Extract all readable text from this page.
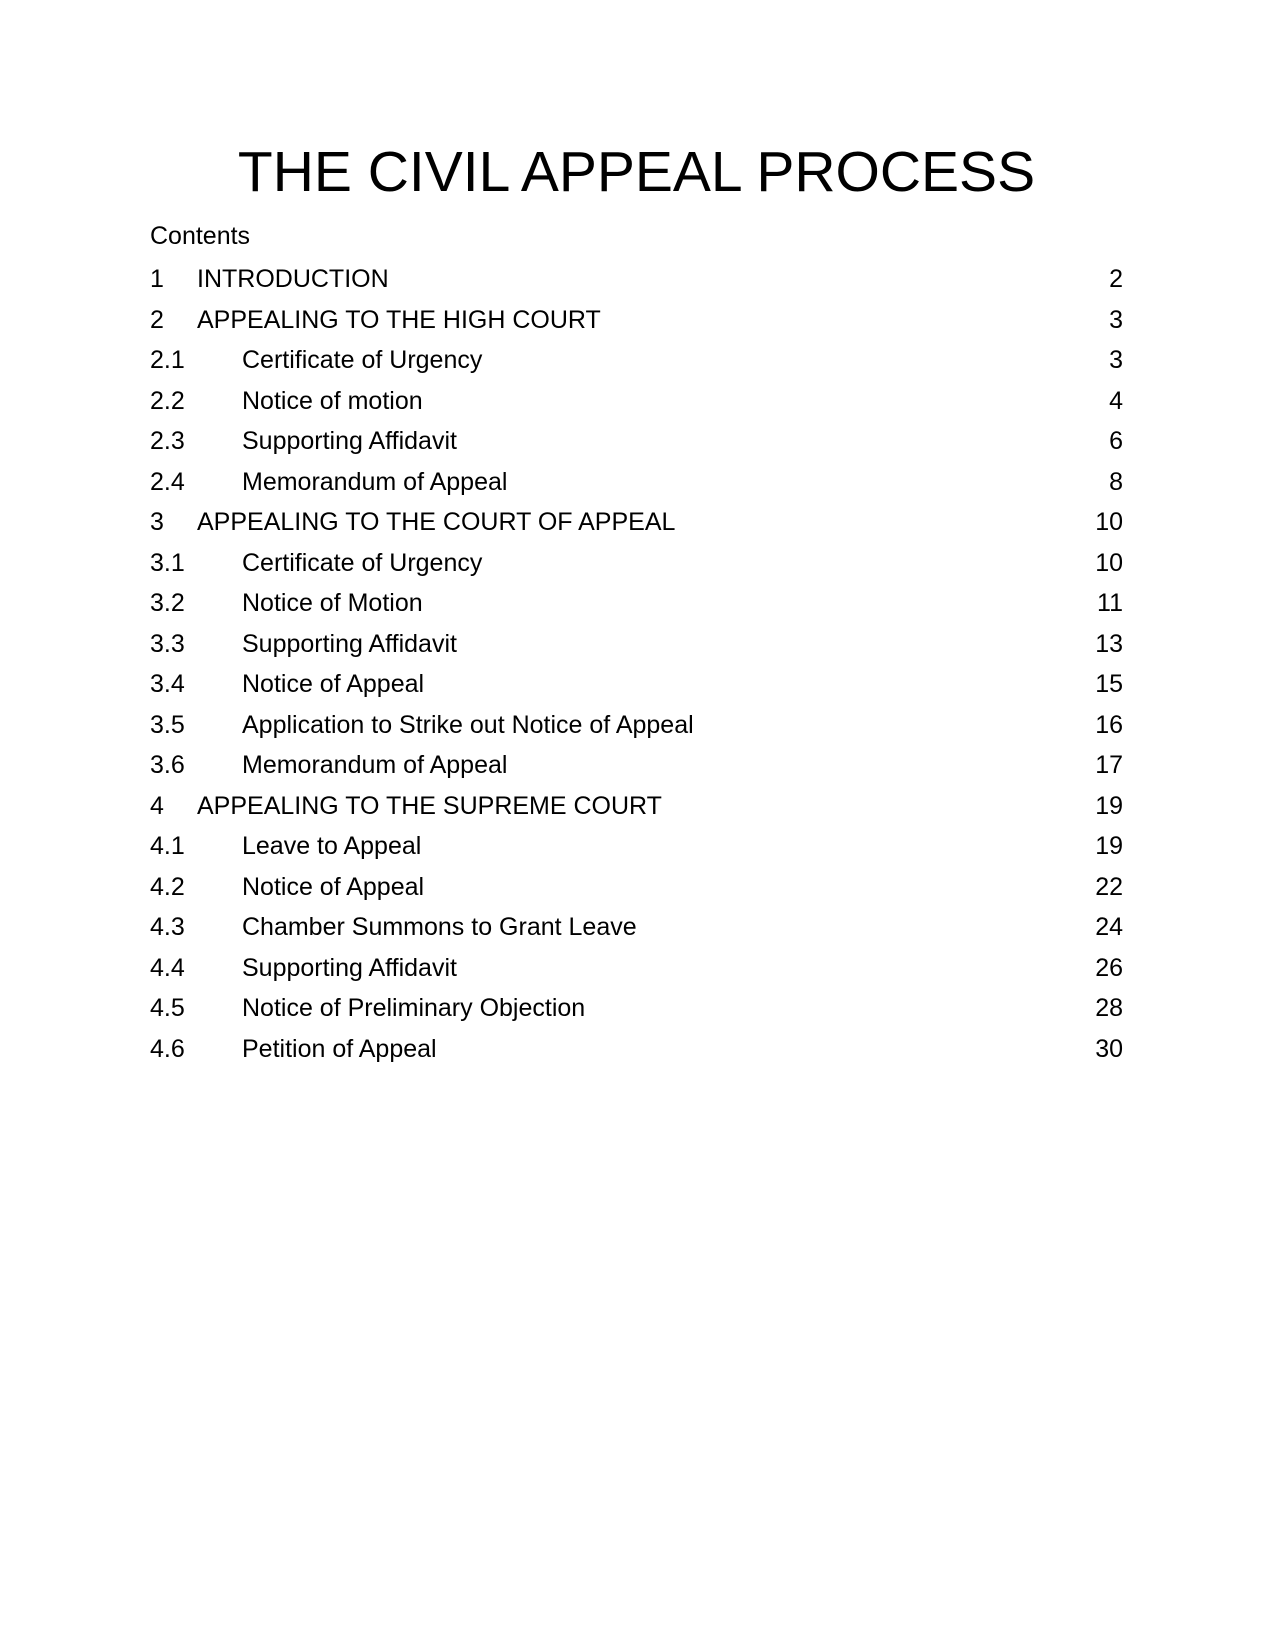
THE CIVIL APPEAL PROCESS
Contents
1	INTRODUCTION	2
2	APPEALING TO THE HIGH COURT	3
2.1	Certificate of Urgency	3
2.2	Notice of motion	4
2.3	Supporting Affidavit	6
2.4	Memorandum of Appeal	8
3	APPEALING TO THE COURT OF APPEAL	10
3.1	Certificate of Urgency	10
3.2	Notice of Motion	11
3.3	Supporting Affidavit	13
3.4	Notice of Appeal	15
3.5	Application to Strike out Notice of Appeal	16
3.6	Memorandum of Appeal	17
4	APPEALING TO THE SUPREME COURT	19
4.1	Leave to Appeal	19
4.2	Notice of Appeal	22
4.3	Chamber Summons to Grant Leave	24
4.4	Supporting Affidavit	26
4.5	Notice of Preliminary Objection	28
4.6	Petition of Appeal	30
